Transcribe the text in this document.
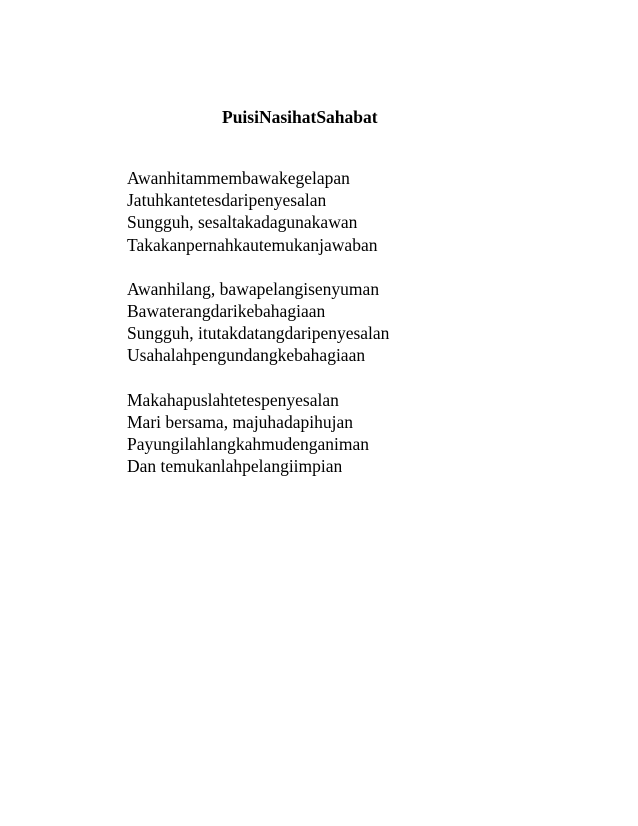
PuisiNasihatSahabat
Awanhitammembawakegelapan
Jatuhkantetesdaripenyesalan
Sungguh, sesaltakadagunakawan
Takakanpernahkautemukanjawaban
Awanhilang, bawapelangisenyuman
Bawaterangdarikebahagiaan
Sungguh, itutakdatangdaripenyesalan
Usahalahpengundangkebahagiaan
Makahapuslahtetespenyesalan
Mari bersama, majuhadapihujan
Payungilahlangkahmudenganiman
Dan temukanlahpelangiimpian
